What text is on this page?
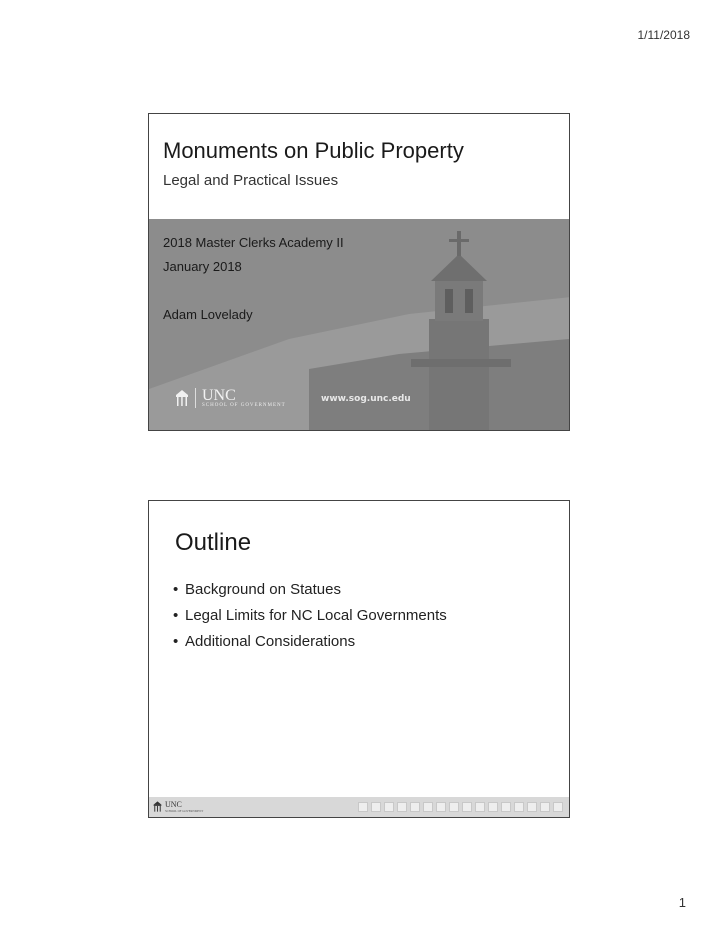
1/11/2018
Monuments on Public Property
Legal and Practical Issues
2018 Master Clerks Academy II
January 2018
Adam Lovelady
UNC
SCHOOL OF GOVERNMENT
www.sog.unc.edu
Outline
• Background on Statues
• Legal Limits for NC Local Governments
• Additional Considerations
UNC
SCHOOL OF GOVERNMENT
1
